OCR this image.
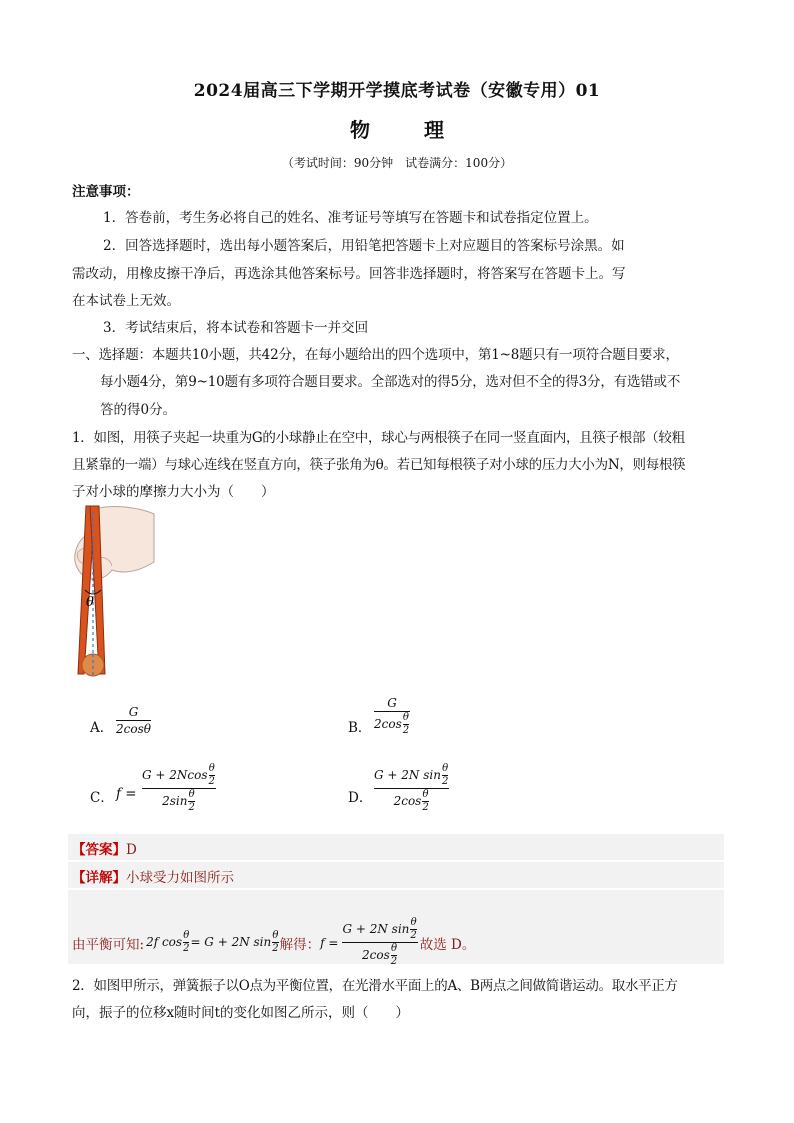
2024届高三下学期开学摸底考试卷（安徽专用）01
物	理
（考试时间：90分钟　试卷满分：100分）
注意事项：
1．答卷前，考生务必将自己的姓名、准考证号等填写在答题卡和试卷指定位置上。
2．回答选择题时，选出每小题答案后，用铅笔把答题卡上对应题目的答案标号涂黑。如
需改动，用橡皮擦干净后，再选涂其他答案标号。回答非选择题时，将答案写在答题卡上。写
在本试卷上无效。
3．考试结束后，将本试卷和答题卡一并交回
一、选择题：本题共10小题，共42分，在每小题给出的四个选项中，第1~8题只有一项符合题目要求，
每小题4分，第9~10题有多项符合题目要求。全部选对的得5分，选对但不全的得3分，有选错或不
答的得0分。
1．如图，用筷子夹起一块重为G的小球静止在空中，球心与两根筷子在同一竖直面内，且筷子根部（较粗
且紧靠的一端）与球心连线在竖直方向，筷子张角为θ。若已知每根筷子对小球的压力大小为N，则每根筷
子对小球的摩擦力大小为（　　）
θ
A．
G
2cosθ	B．
G
$2\cos \frac{\theta}{2}$
C． f =
$G + 2Ncos \frac{\theta}{2}$
$2\sin \frac{\theta}{2}$	D．
G + 2N $\sin \frac{\theta}{2}$
$2\cos \frac{\theta}{2}$
【答案】D
【详解】小球受力如图所示
由平衡可知: 2f $\cos \frac{\theta}{2} = G + 2N$ $\sin \frac{\theta}{2}$ 解得： f =
G + 2N $\sin \frac{\theta}{2}$
$2\cos \frac{\theta}{2}$ 故选 D。
2．如图甲所示，弹簧振子以O点为平衡位置，在光滑水平面上的A、B两点之间做简谐运动。取水平正方
向，振子的位移x随时间t的变化如图乙所示，则（　　）
